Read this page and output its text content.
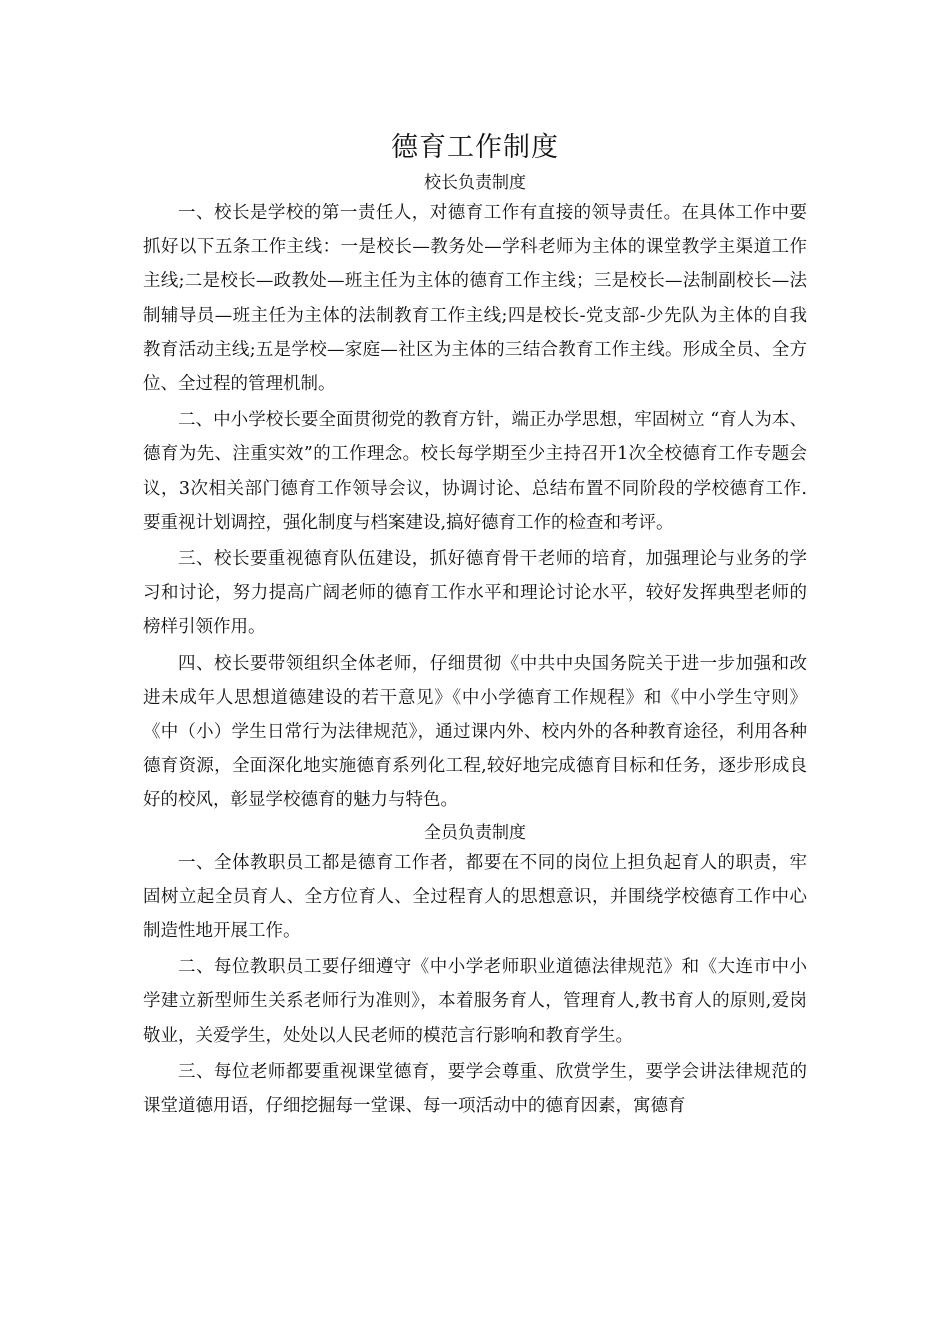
德育工作制度
校长负责制度

一、校长是学校的第一责任人，对德育工作有直接的领导责任。在具体工作中要抓好以下五条工作主线：一是校长—教务处—学科老师为主体的课堂教学主渠道工作主线;二是校长—政教处—班主任为主体的德育工作主线；三是校长—法制副校长—法制辅导员—班主任为主体的法制教育工作主线;四是校长-党支部-少先队为主体的自我教育活动主线;五是学校—家庭—社区为主体的三结合教育工作主线。形成全员、全方位、全过程的管理机制。

二、中小学校长要全面贯彻党的教育方针，端正办学思想，牢固树立 “育人为本、德育为先、注重实效”的工作理念。校长每学期至少主持召开1次全校德育工作专题会议，3次相关部门德育工作领导会议，协调讨论、总结布置不同阶段的学校德育工作.要重视计划调控，强化制度与档案建设,搞好德育工作的检查和考评。

三、校长要重视德育队伍建设，抓好德育骨干老师的培育，加强理论与业务的学习和讨论，努力提高广阔老师的德育工作水平和理论讨论水平，较好发挥典型老师的榜样引领作用。

四、校长要带领组织全体老师，仔细贯彻《中共中央国务院关于进一步加强和改进未成年人思想道德建设的若干意见》《中小学德育工作规程》和《中小学生守则》《中（小）学生日常行为法律规范》，通过课内外、校内外的各种教育途径，利用各种德育资源，全面深化地实施德育系列化工程,较好地完成德育目标和任务，逐步形成良好的校风，彰显学校德育的魅力与特色。

全员负责制度

一、全体教职员工都是德育工作者，都要在不同的岗位上担负起育人的职责，牢固树立起全员育人、全方位育人、全过程育人的思想意识，并围绕学校德育工作中心制造性地开展工作。

二、每位教职员工要仔细遵守《中小学老师职业道德法律规范》和《大连市中小学建立新型师生关系老师行为准则》，本着服务育人，管理育人,教书育人的原则,爱岗敬业，关爱学生，处处以人民老师的模范言行影响和教育学生。

三、每位老师都要重视课堂德育，要学会尊重、欣赏学生，要学会讲法律规范的课堂道德用语，仔细挖掘每一堂课、每一项活动中的德育因素，寓德育
